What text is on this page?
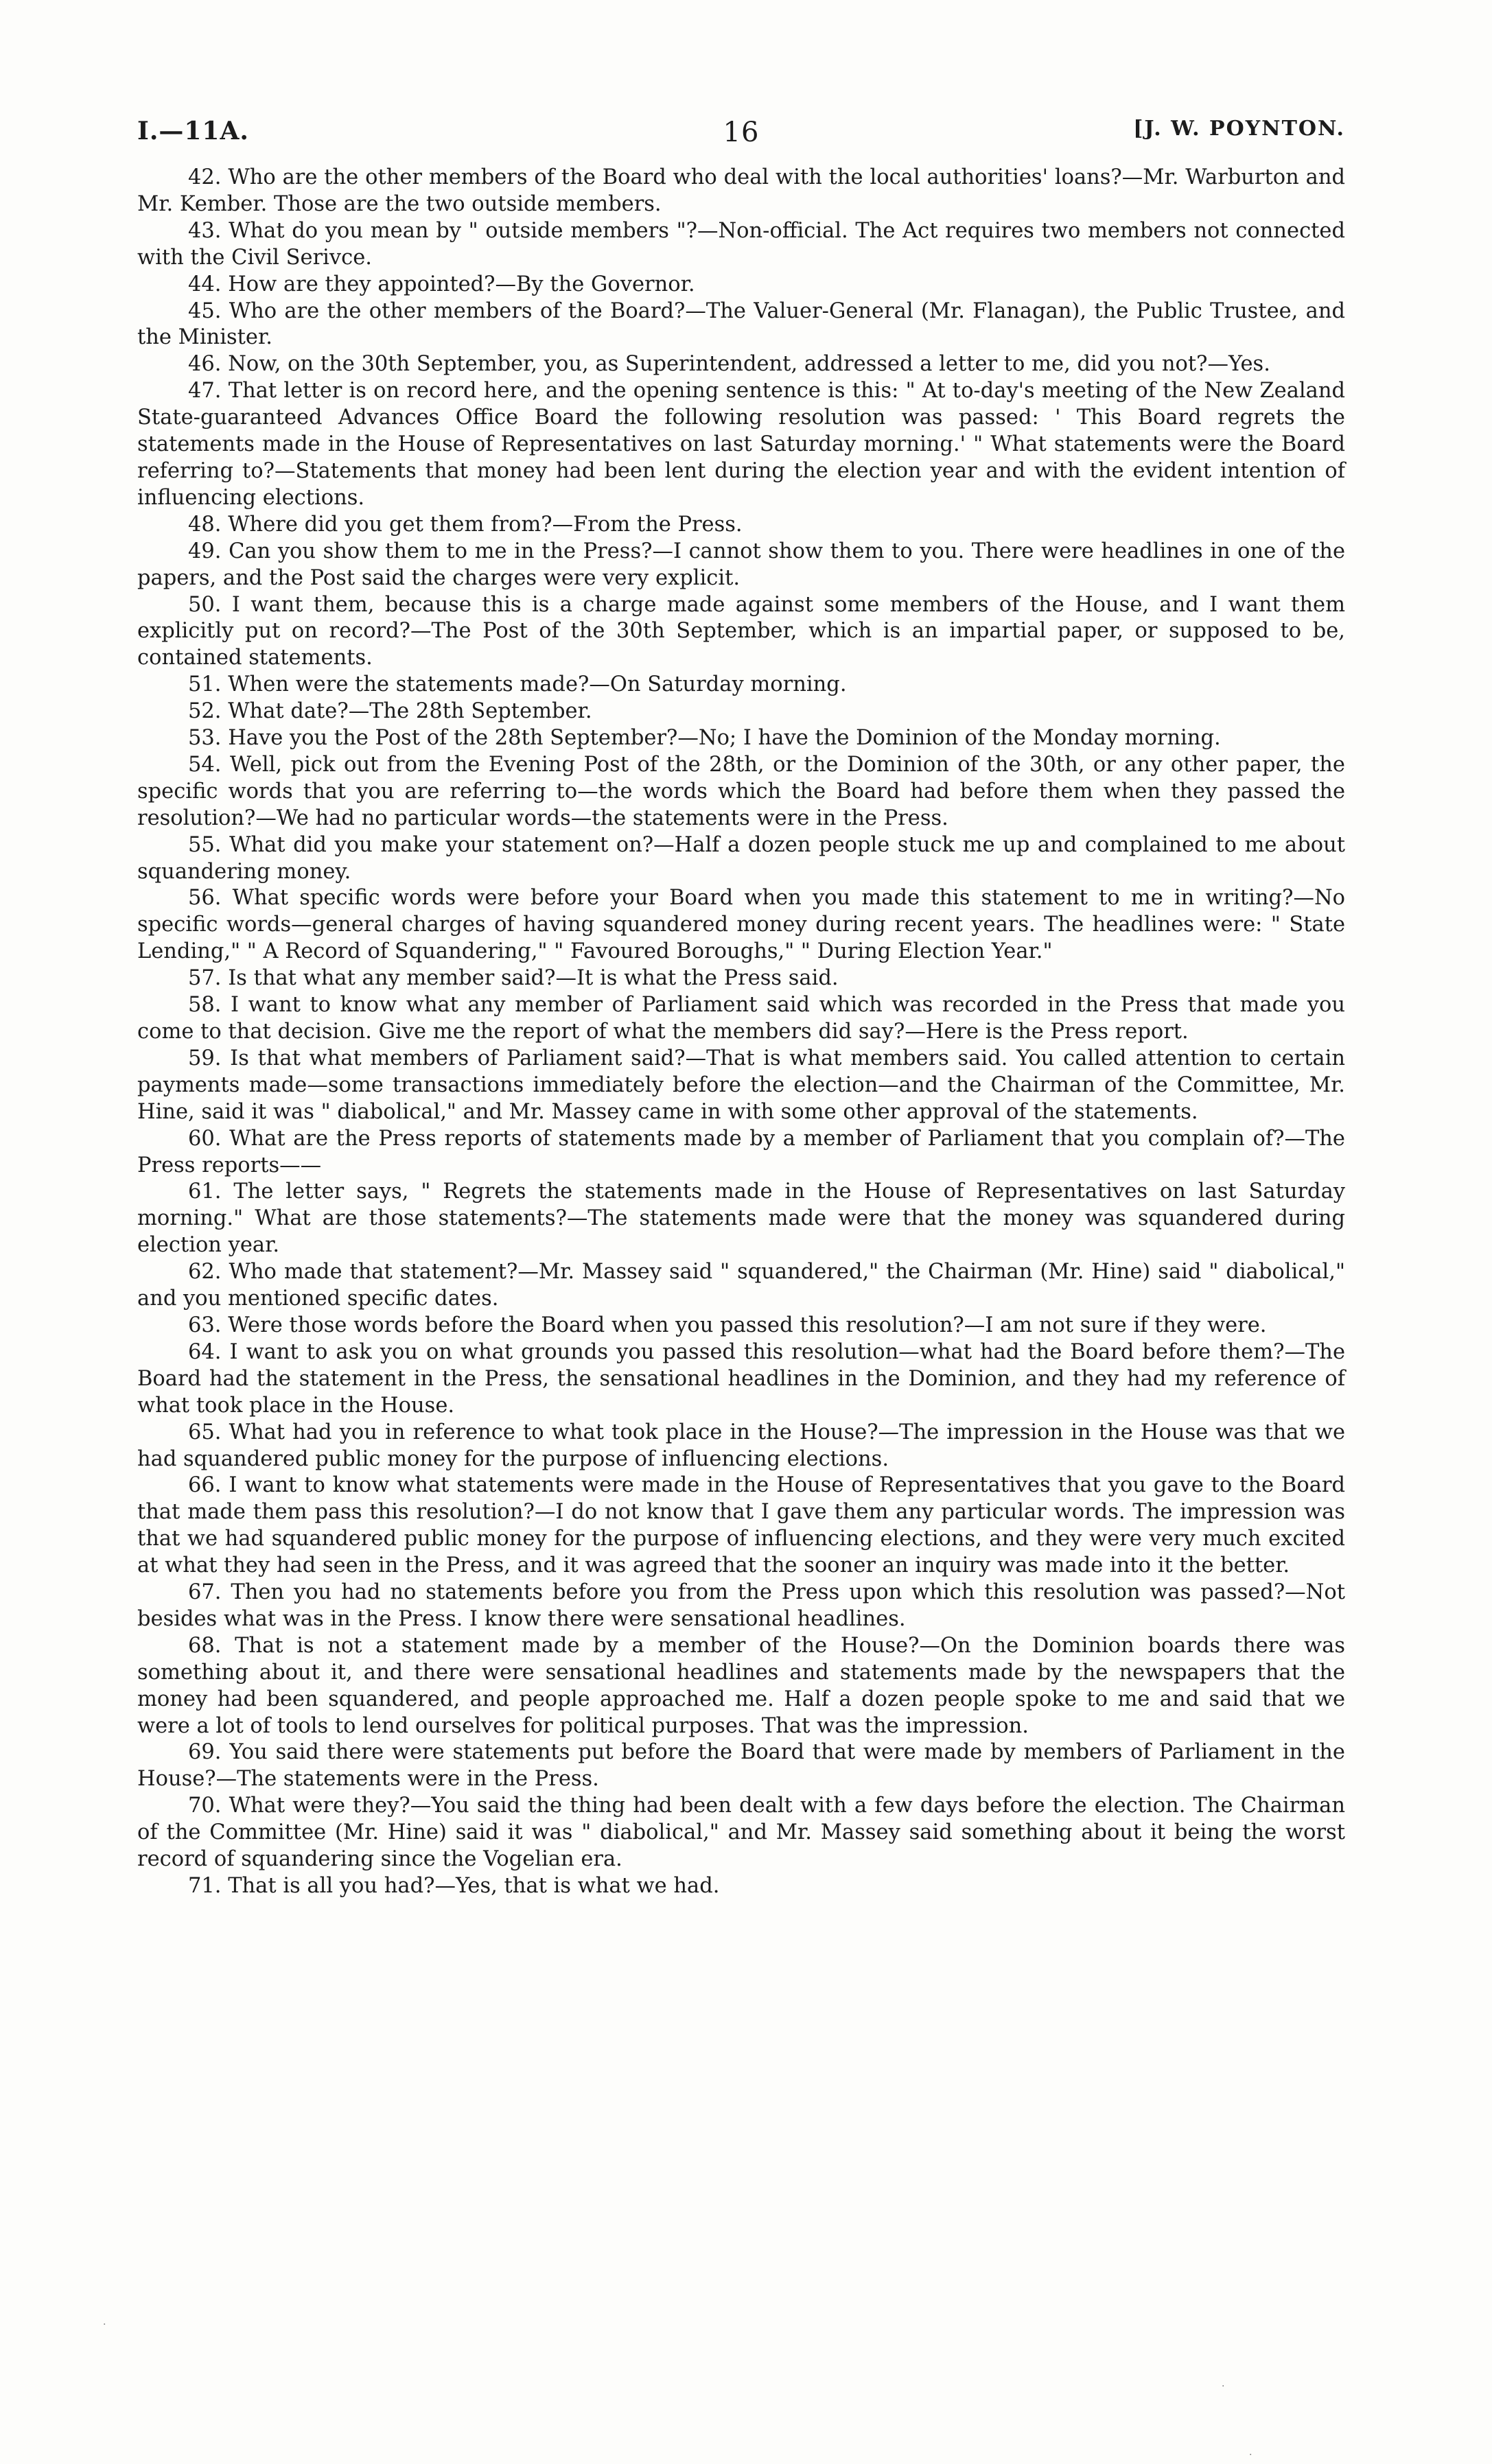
I.—11A.	16	[J. W. POYNTON.

42. Who are the other members of the Board who deal with the local authorities' loans?—Mr. Warburton and Mr. Kember. Those are the two outside members.

43. What do you mean by " outside members "?—Non-official. The Act requires two members not connected with the Civil Serivce.

44. How are they appointed?—By the Governor.

45. Who are the other members of the Board?—The Valuer-General (Mr. Flanagan), the Public Trustee, and the Minister.

46. Now, on the 30th September, you, as Superintendent, addressed a letter to me, did you not?—Yes.

47. That letter is on record here, and the opening sentence is this: " At to-day's meeting of the New Zealand State-guaranteed Advances Office Board the following resolution was passed: ' This Board regrets the statements made in the House of Representatives on last Saturday morning.' " What statements were the Board referring to?—Statements that money had been lent during the election year and with the evident intention of influencing elections.

48. Where did you get them from?—From the Press.

49. Can you show them to me in the Press?—I cannot show them to you. There were headlines in one of the papers, and the Post said the charges were very explicit.

50. I want them, because this is a charge made against some members of the House, and I want them explicitly put on record?—The Post of the 30th September, which is an impartial paper, or supposed to be, contained statements.

51. When were the statements made?—On Saturday morning.

52. What date?—The 28th September.

53. Have you the Post of the 28th September?—No; I have the Dominion of the Monday morning.

54. Well, pick out from the Evening Post of the 28th, or the Dominion of the 30th, or any other paper, the specific words that you are referring to—the words which the Board had before them when they passed the resolution?—We had no particular words—the statements were in the Press.

55. What did you make your statement on?—Half a dozen people stuck me up and complained to me about squandering money.

56. What specific words were before your Board when you made this statement to me in writing?—No specific words—general charges of having squandered money during recent years. The headlines were: " State Lending," " A Record of Squandering," " Favoured Boroughs," " During Election Year."

57. Is that what any member said?—It is what the Press said.

58. I want to know what any member of Parliament said which was recorded in the Press that made you come to that decision. Give me the report of what the members did say?—Here is the Press report.

59. Is that what members of Parliament said?—That is what members said. You called attention to certain payments made—some transactions immediately before the election—and the Chairman of the Committee, Mr. Hine, said it was " diabolical," and Mr. Massey came in with some other approval of the statements.

60. What are the Press reports of statements made by a member of Parliament that you complain of?—The Press reports——

61. The letter says, " Regrets the statements made in the House of Representatives on last Saturday morning." What are those statements?—The statements made were that the money was squandered during election year.

62. Who made that statement?—Mr. Massey said " squandered," the Chairman (Mr. Hine) said " diabolical," and you mentioned specific dates.

63. Were those words before the Board when you passed this resolution?—I am not sure if they were.

64. I want to ask you on what grounds you passed this resolution—what had the Board before them?—The Board had the statement in the Press, the sensational headlines in the Dominion, and they had my reference of what took place in the House.

65. What had you in reference to what took place in the House?—The impression in the House was that we had squandered public money for the purpose of influencing elections.

66. I want to know what statements were made in the House of Representatives that you gave to the Board that made them pass this resolution?—I do not know that I gave them any particular words. The impression was that we had squandered public money for the purpose of influencing elections, and they were very much excited at what they had seen in the Press, and it was agreed that the sooner an inquiry was made into it the better.

67. Then you had no statements before you from the Press upon which this resolution was passed?—Not besides what was in the Press. I know there were sensational headlines.

68. That is not a statement made by a member of the House?—On the Dominion boards there was something about it, and there were sensational headlines and statements made by the newspapers that the money had been squandered, and people approached me. Half a dozen people spoke to me and said that we were a lot of tools to lend ourselves for political purposes. That was the impression.

69. You said there were statements put before the Board that were made by members of Parliament in the House?—The statements were in the Press.

70. What were they?—You said the thing had been dealt with a few days before the election. The Chairman of the Committee (Mr. Hine) said it was " diabolical," and Mr. Massey said something about it being the worst record of squandering since the Vogelian era.

71. That is all you had?—Yes, that is what we had.

·
·
·
